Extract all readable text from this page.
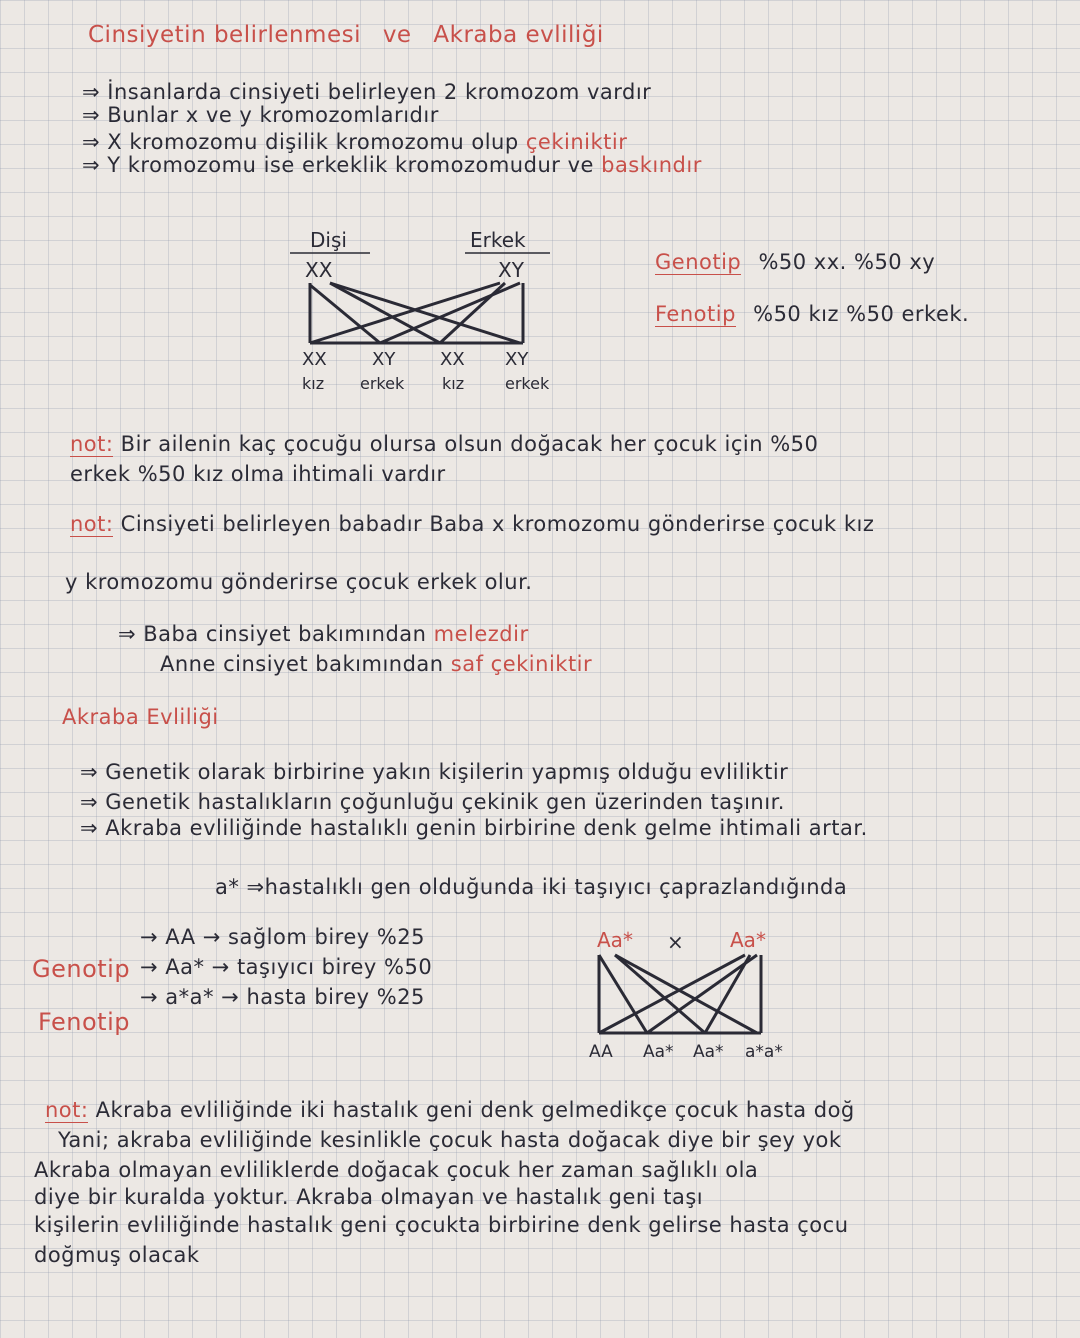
Cinsiyetin belirlenmesi ve Akraba evliliği
⇒ İnsanlarda cinsiyeti belirleyen 2 kromozom vardır
⇒ Bunlar x ve y kromozomlarıdır
⇒ X kromozomu dişilik kromozomu olup çekiniktir
⇒ Y kromozomu ise erkeklik kromozomudur ve baskındır
Dişi	Erkek
XX	XY
XX
kız
XY
erkek
XX
kız
XY
erkek
Genotip %50 xx. %50 xy
Fenotip %50 kız %50 erkek.
not: Bir ailenin kaç çocuğu olursa olsun doğacak her çocuk için %50
erkek %50 kız olma ihtimali vardır
not: Cinsiyeti belirleyen babadır Baba x kromozomu gönderirse çocuk kız
y kromozomu gönderirse çocuk erkek olur.
⇒ Baba cinsiyet bakımından melezdir
Anne cinsiyet bakımından saf çekiniktir
Akraba Evliliği
⇒ Genetik olarak birbirine yakın kişilerin yapmış olduğu evliliktir
⇒ Genetik hastalıkların çoğunluğu çekinik gen üzerinden taşınır.
⇒ Akraba evliliğinde hastalıklı genin birbirine denk gelme ihtimali artar.
a* ⇒hastalıklı gen olduğunda iki taşıyıcı çaprazlandığında
Genotip
Fenotip
→ AA → sağlom birey %25
→ Aa* → taşıyıcı birey %50
→ a*a* → hasta birey %25
Aa* × Aa*
AA Aa* Aa* a*a*
not: Akraba evliliğinde iki hastalık geni denk gelmedikçe çocuk hasta doğ
Yani; akraba evliliğinde kesinlikle çocuk hasta doğacak diye bir şey yok
Akraba olmayan evliliklerde doğacak çocuk her zaman sağlıklı ola
diye bir kuralda yoktur. Akraba olmayan ve hastalık geni taşı
kişilerin evliliğinde hastalık geni çocukta birbirine denk gelirse hasta çocu
doğmuş olacak
